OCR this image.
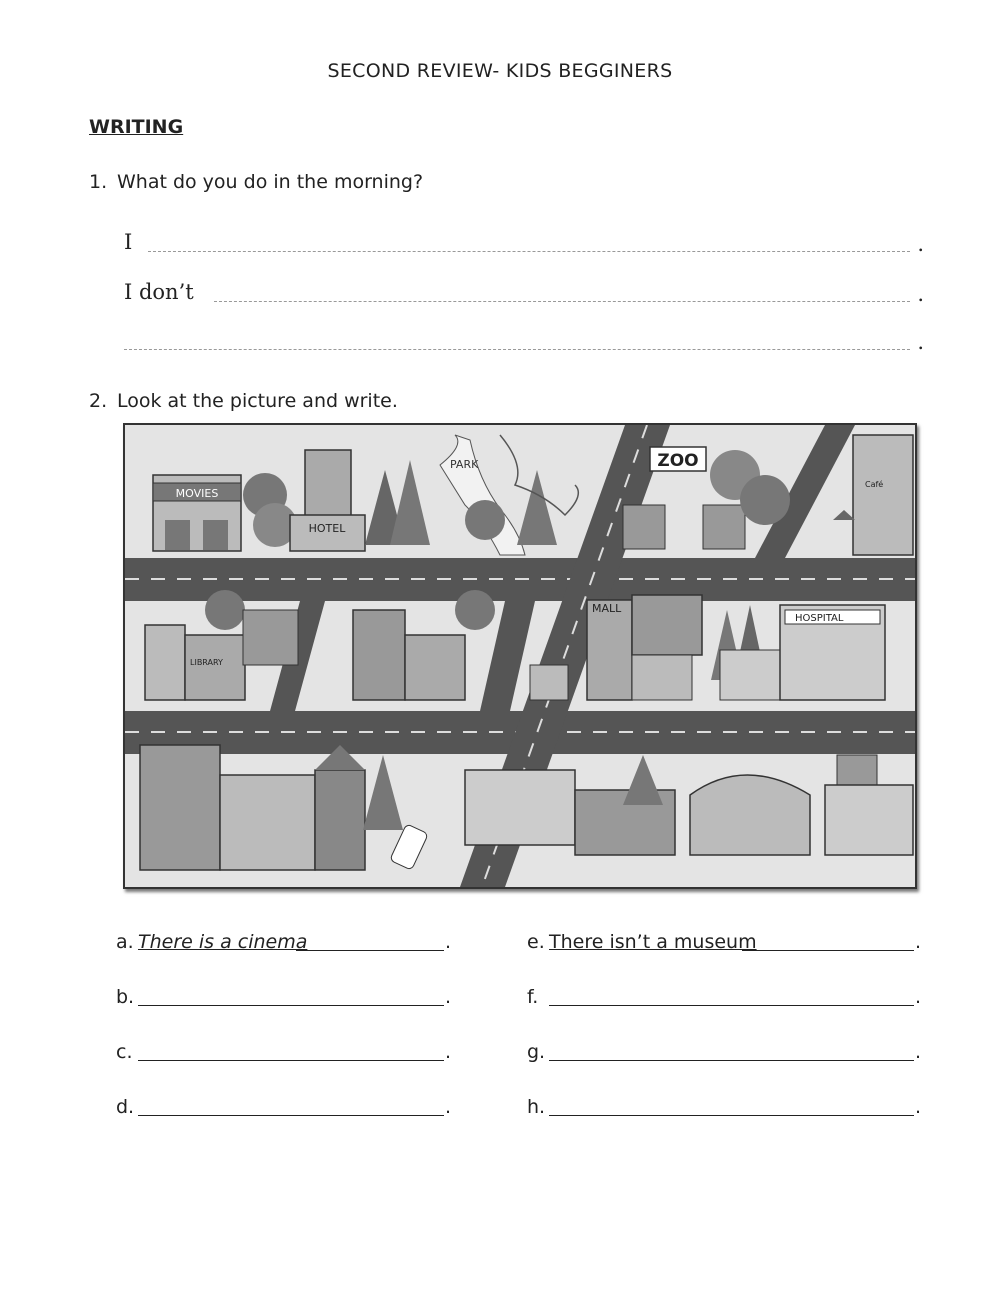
SECOND REVIEW- KIDS BEGGINERS
WRITING
1. What do you do in the morning?
I	.
I don’t	.
.
2. Look at the picture and write.
MOVIES
HOTEL
PARK	ZOO
Café
LIBRARY
MALL
HOSPITAL
a. There is a cinema	.
b.	.
c.	.
d.	.
e. There isn’t a museum	.
f.	.
g.	.
h.	.
